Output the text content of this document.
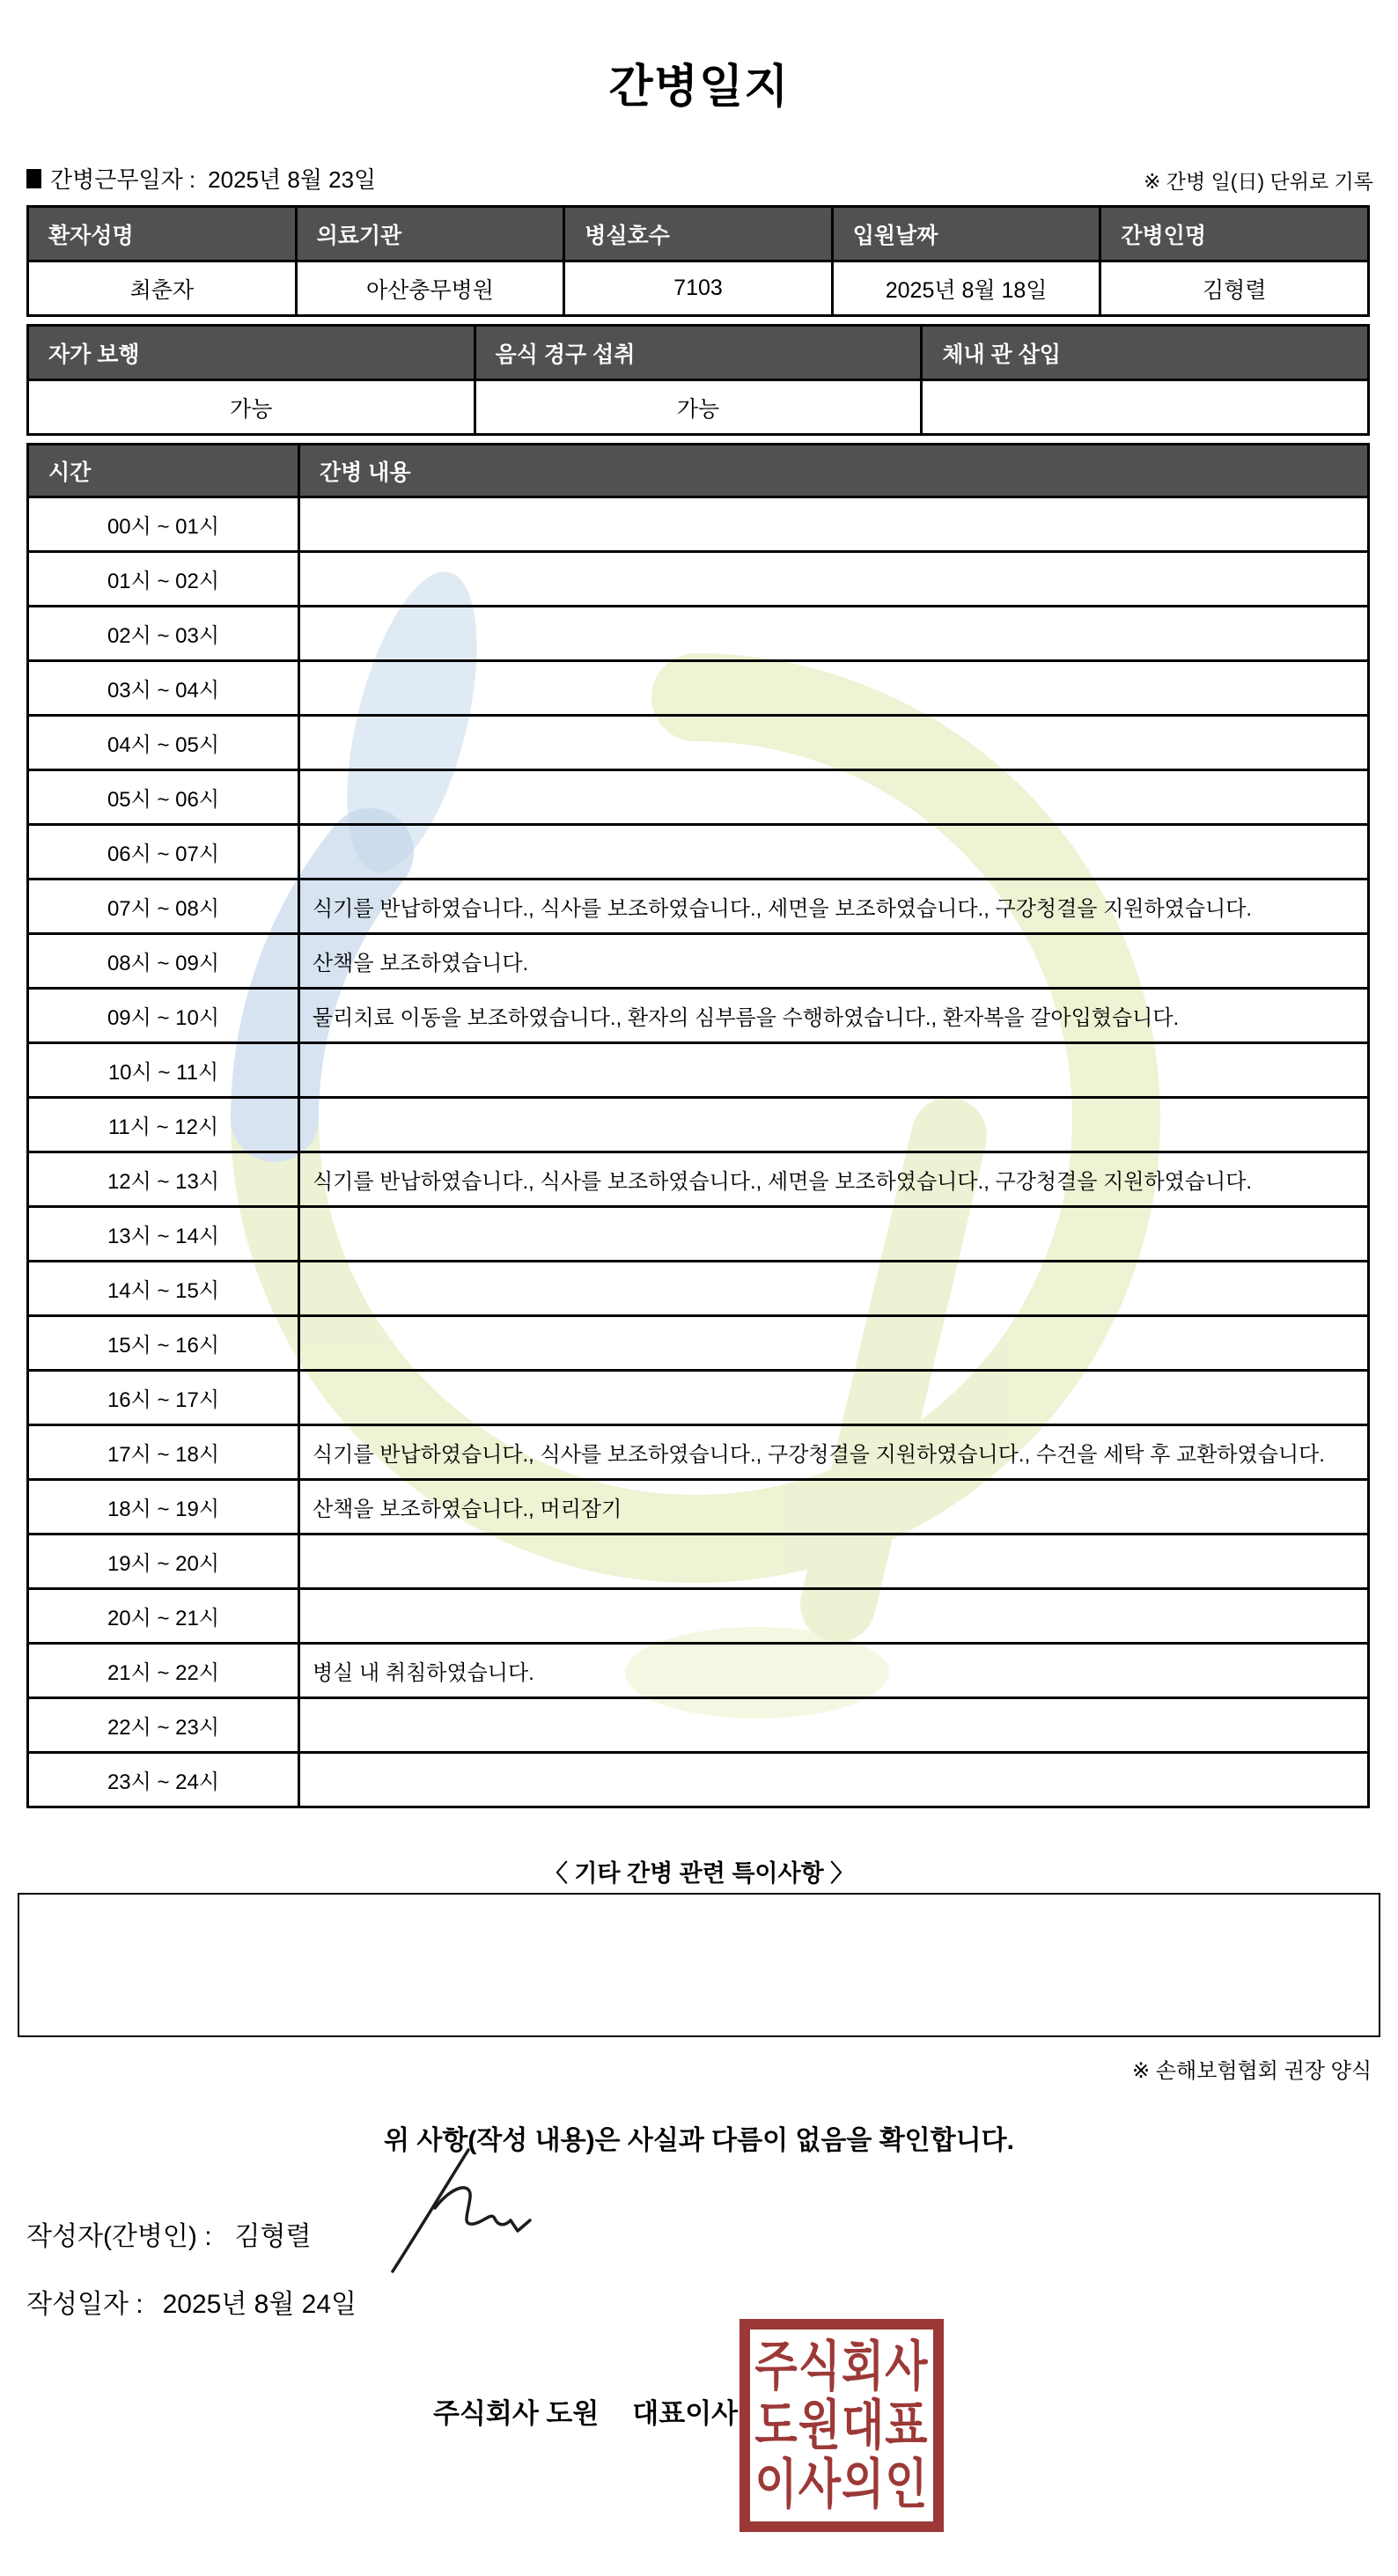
간병일지
간병근무일자 : 2025년 8월 23일	※ 간병 일(日) 단위로 기록
환자성명	의료기관	병실호수	입원날짜	간병인명
최춘자	아산충무병원	7103	2025년 8월 18일	김형렬
자가 보행	음식 경구 섭취	체내 관 삽입
가능	가능	
시간	간병 내용
00시 ~ 01시	
01시 ~ 02시	
02시 ~ 03시	
03시 ~ 04시	
04시 ~ 05시	
05시 ~ 06시	
06시 ~ 07시	
07시 ~ 08시	식기를 반납하였습니다., 식사를 보조하였습니다., 세면을 보조하였습니다., 구강청결을 지원하였습니다.
08시 ~ 09시	산책을 보조하였습니다.
09시 ~ 10시	물리치료 이동을 보조하였습니다., 환자의 심부름을 수행하였습니다., 환자복을 갈아입혔습니다.
10시 ~ 11시	
11시 ~ 12시	
12시 ~ 13시	식기를 반납하였습니다., 식사를 보조하였습니다., 세면을 보조하였습니다., 구강청결을 지원하였습니다.
13시 ~ 14시	
14시 ~ 15시	
15시 ~ 16시	
16시 ~ 17시	
17시 ~ 18시	식기를 반납하였습니다., 식사를 보조하였습니다., 구강청결을 지원하였습니다., 수건을 세탁 후 교환하였습니다.
18시 ~ 19시	산책을 보조하였습니다., 머리잠기
19시 ~ 20시	
20시 ~ 21시	
21시 ~ 22시	병실 내 취침하였습니다.
22시 ~ 23시	
23시 ~ 24시	
〈 기타 간병 관련 특이사항 〉
※ 손해보험협회 권장 양식
위 사항(작성 내용)은 사실과 다름이 없음을 확인합니다.
작성자(간병인) : 김형렬
작성일자 : 2025년 8월 24일
주식회사 도원 대표이사
주식회사
도원대표
이사의인
